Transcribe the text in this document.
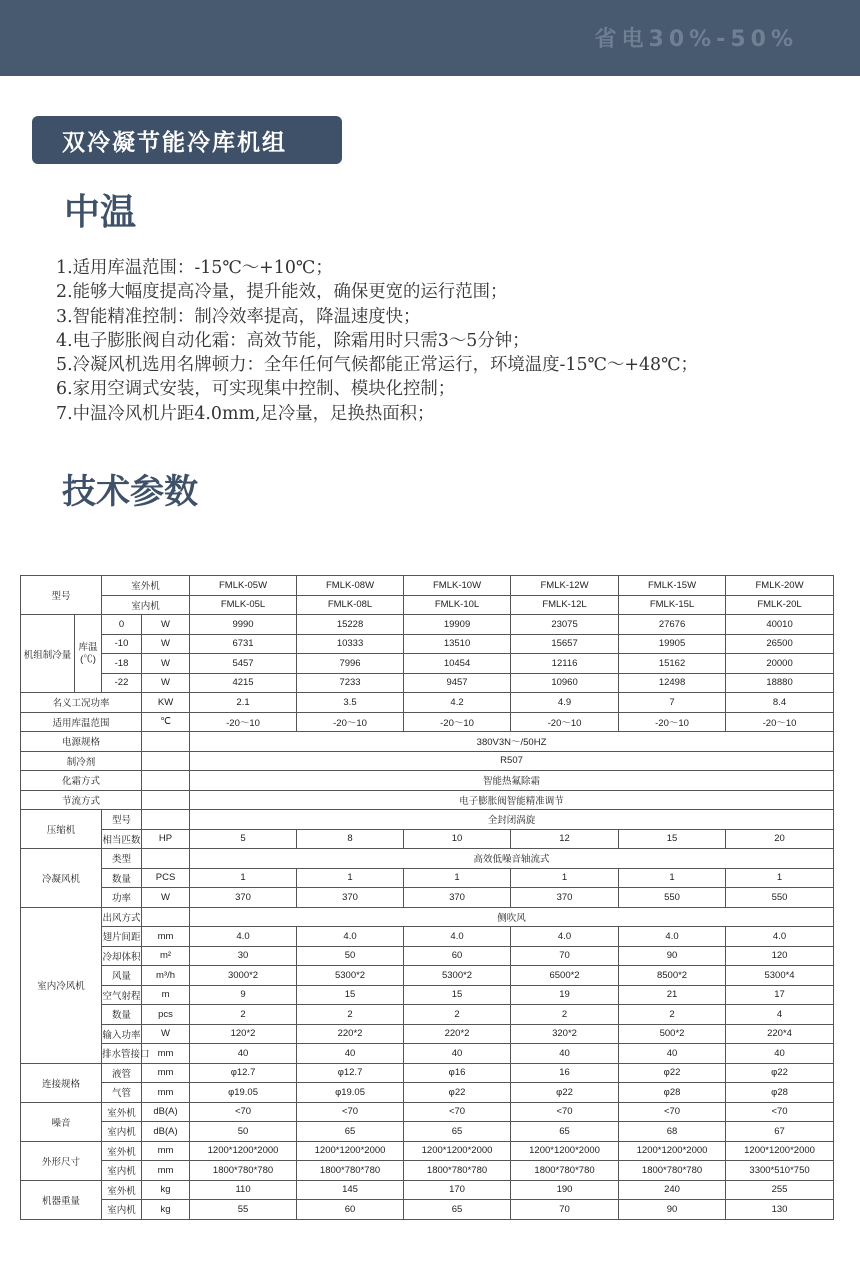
省电30%-50%
双冷凝节能冷库机组
中温
1.适用库温范围：-15℃～+10℃；
2.能够大幅度提高冷量，提升能效，确保更宽的运行范围；
3.智能精准控制：制冷效率提高，降温速度快；
4.电子膨胀阀自动化霜：高效节能，除霜用时只需3～5分钟；
5.冷凝风机选用名牌顿力：全年任何气候都能正常运行，环境温度-15℃～+48℃；
6.家用空调式安装，可实现集中控制、模块化控制；
7.中温冷风机片距4.0mm,足冷量，足换热面积；
技术参数
型号		室外机		FMLK-05W	FMLK-08W	FMLK-10W	FMLK-12W	FMLK-15W	FMLK-20W
		室内机		FMLK-05L	FMLK-08L	FMLK-10L	FMLK-12L	FMLK-15L	FMLK-20L
机组制冷量	库温(℃)	0	W	9990	15228	19909	23075	27676	40010
		-10	W	6731	10333	13510	15657	19905	26500
		-18	W	5457	7996	10454	12116	15162	20000
		-22	W	4215	7233	9457	10960	12498	18880
名义工况功率			KW	2.1	3.5	4.2	4.9	7	8.4
适用库温范围			℃	-20～10	-20～10	-20～10	-20～10	-20～10	-20～10
电源规格				380V3N～/50HZ					
制冷剂				R507					
化霜方式				智能热氟除霜					
节流方式				电子膨胀阀智能精准调节					
压缩机		型号		全封闭涡旋					
		相当匹数	HP	5	8	10	12	15	20
冷凝风机		类型		高效低噪音轴流式					
		数量	PCS	1	1	1	1	1	1
		功率	W	370	370	370	370	550	550
室内冷风机		出风方式		侧吹风					
		翅片间距	mm	4.0	4.0	4.0	4.0	4.0	4.0
		冷却体积	m²	30	50	60	70	90	120
		风量	m³/h	3000*2	5300*2	5300*2	6500*2	8500*2	5300*4
		空气射程	m	9	15	15	19	21	17
		数量	pcs	2	2	2	2	2	4
		输入功率	W	120*2	220*2	220*2	320*2	500*2	220*4
		排水管接口	mm	40	40	40	40	40	40
连接规格		液管	mm	φ12.7	φ12.7	φ16	16	φ22	φ22
		气管	mm	φ19.05	φ19.05	φ22	φ22	φ28	φ28
噪音		室外机	dB(A)	<70	<70	<70	<70	<70	<70
		室内机	dB(A)	50	65	65	65	68	67
外形尺寸		室外机	mm	1200*1200*2000	1200*1200*2000	1200*1200*2000	1200*1200*2000	1200*1200*2000	1200*1200*2000
		室内机	mm	1800*780*780	1800*780*780	1800*780*780	1800*780*780	1800*780*780	3300*510*750
机器重量		室外机	kg	110	145	170	190	240	255
		室内机	kg	55	60	65	70	90	130
